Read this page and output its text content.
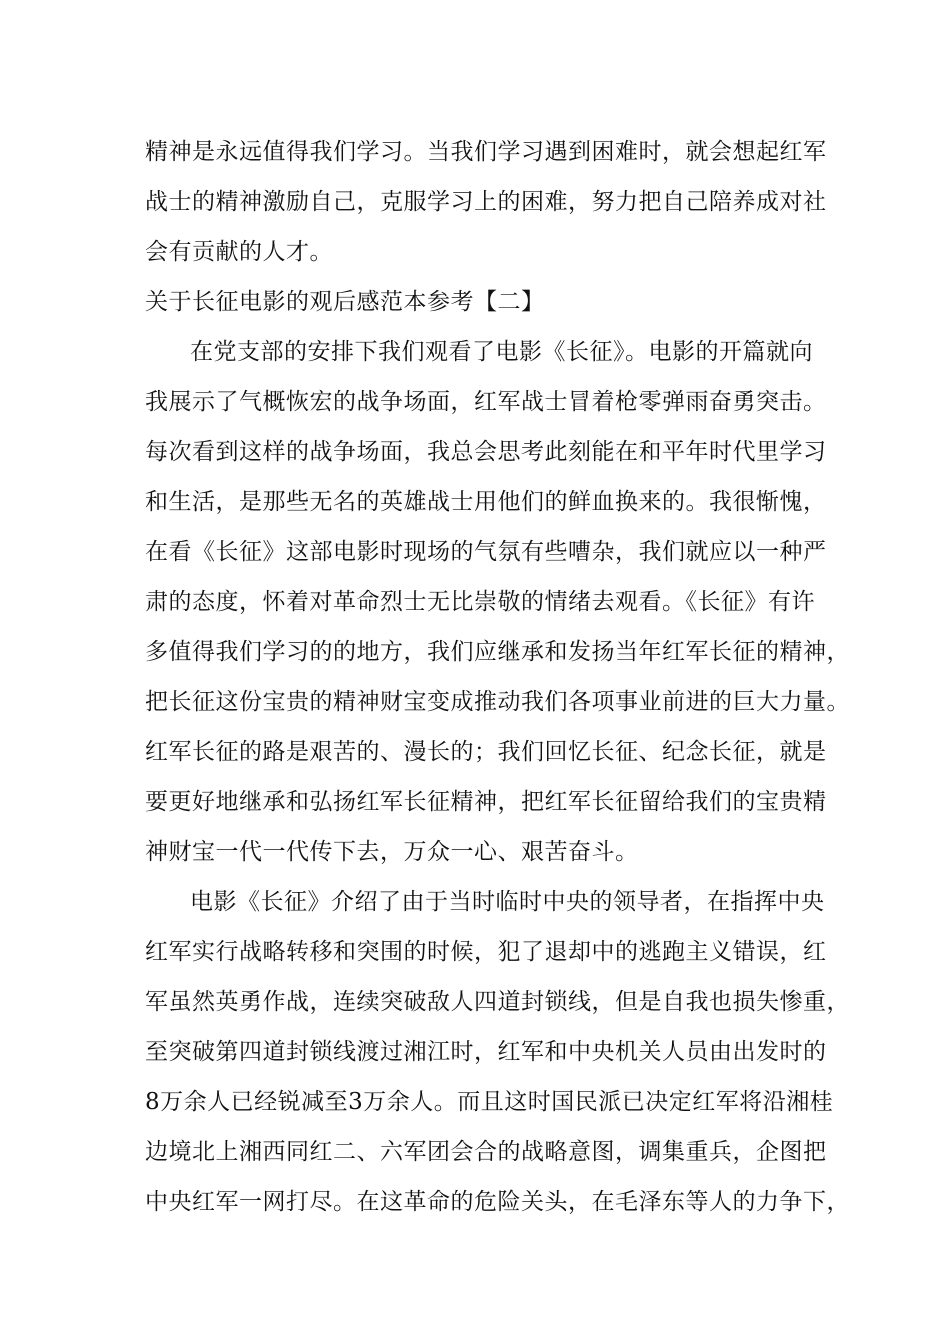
精神是永远值得我们学习。当我们学习遇到困难时，就会想起红军
战士的精神激励自己，克服学习上的困难，努力把自己陪养成对社
会有贡献的人才。
关于长征电影的观后感范本参考【二】
在党支部的安排下我们观看了电影《长征》。电影的开篇就向
我展示了气概恢宏的战争场面，红军战士冒着枪零弹雨奋勇突击。
每次看到这样的战争场面，我总会思考此刻能在和平年时代里学习
和生活，是那些无名的英雄战士用他们的鲜血换来的。我很惭愧，
在看《长征》这部电影时现场的气氛有些嘈杂，我们就应以一种严
肃的态度，怀着对革命烈士无比崇敬的情绪去观看。《长征》有许
多值得我们学习的的地方，我们应继承和发扬当年红军长征的精神，
把长征这份宝贵的精神财宝变成推动我们各项事业前进的巨大力量。
红军长征的路是艰苦的、漫长的；我们回忆长征、纪念长征，就是
要更好地继承和弘扬红军长征精神，把红军长征留给我们的宝贵精
神财宝一代一代传下去，万众一心、艰苦奋斗。
电影《长征》介绍了由于当时临时中央的领导者，在指挥中央
红军实行战略转移和突围的时候，犯了退却中的逃跑主义错误，红
军虽然英勇作战，连续突破敌人四道封锁线，但是自我也损失惨重，
至突破第四道封锁线渡过湘江时，红军和中央机关人员由出发时的
8万余人已经锐减至3万余人。而且这时国民派已决定红军将沿湘桂
边境北上湘西同红二、六军团会合的战略意图，调集重兵，企图把
中央红军一网打尽。在这革命的危险关头，在毛泽东等人的力争下，
